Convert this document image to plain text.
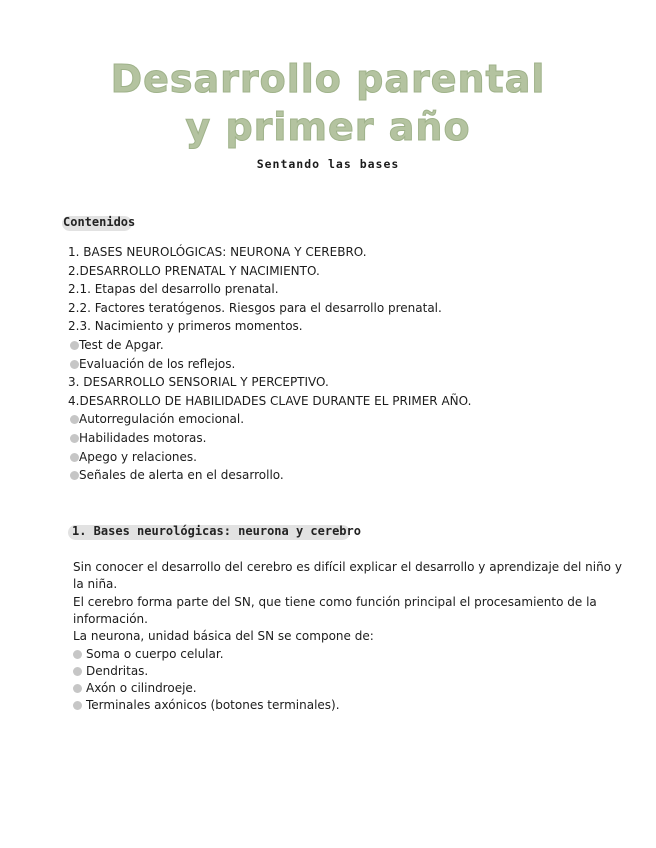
Desarrollo parental
y primer año
Sentando las bases
Contenidos
1. BASES NEUROLÓGICAS: NEURONA Y CEREBRO.
2.DESARROLLO PRENATAL Y NACIMIENTO.
2.1. Etapas del desarrollo prenatal.
2.2. Factores teratógenos. Riesgos para el desarrollo prenatal.
2.3. Nacimiento y primeros momentos.
Test de Apgar.
Evaluación de los reflejos.
3. DESARROLLO SENSORIAL Y PERCEPTIVO.
4.DESARROLLO DE HABILIDADES CLAVE DURANTE EL PRIMER AÑO.
Autorregulación emocional.
Habilidades motoras.
Apego y relaciones.
Señales de alerta en el desarrollo.
1. Bases neurológicas: neurona y cerebro
Sin conocer el desarrollo del cerebro es difícil explicar el desarrollo y aprendizaje del niño y la niña.
El cerebro forma parte del SN, que tiene como función principal el procesamiento de la información.
La neurona, unidad básica del SN se compone de:
Soma o cuerpo celular.
Dendritas.
Axón o cilindroeje.
Terminales axónicos (botones terminales).
